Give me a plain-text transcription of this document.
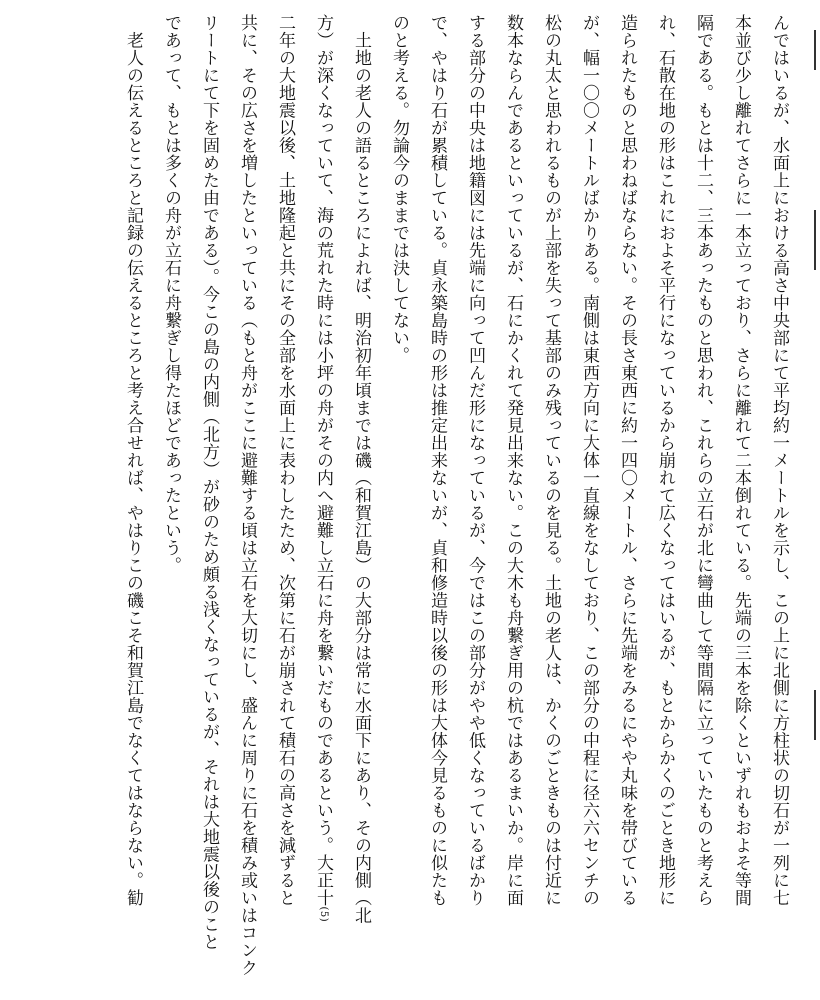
んではいるが、水面上における高さ中央部にて平均約一メートルを示し、この上に北側に方柱状の切石が一列に七
本並び少し離れてさらに一本立っており、さらに離れて二本倒れている。先端の三本を除くといずれもおよそ等間
隔である。もとは十二、三本あったものと思われ、これらの立石が北に彎曲して等間隔に立っていたものと考えら
れ、石散在地の形はこれにおよそ平行になっているから崩れて広くなってはいるが、もとからかくのごとき地形に
造られたものと思わねばならない。その長さ東西に約一四〇メートル、さらに先端をみるにやや丸味を帯びている
が、幅一〇〇メートルばかりある。南側は東西方向に大体一直線をなしており、この部分の中程に径六六センチの
松の丸太と思われるものが上部を失って基部のみ残っているのを見る。土地の老人は、かくのごときものは付近に
数本ならんであるといっているが、石にかくれて発見出来ない。この大木も舟繋ぎ用の杭ではあるまいか。岸に面
する部分の中央は地籍図には先端に向って凹んだ形になっているが、今ではこの部分がやや低くなっているばかり
で、やはり石が累積している。貞永築島時の形は推定出来ないが、貞和修造時以後の形は大体今見るものに似たも
のと考える。勿論今のままでは決してない。
　土地の老人の語るところによれば、明治初年頃までは磯（和賀江島）の大部分は常に水面下にあり、その内側（北
方）が深くなっていて、海の荒れた時には小坪の舟がその内へ避難し立石に舟を繋いだものであるという。大正十(5)
二年の大地震以後、土地隆起と共にその全部を水面上に表わしたため、次第に石が崩されて積石の高さを減ずると
共に、その広さを増したといっている（もと舟がここに避難する頃は立石を大切にし、盛んに周りに石を積み或いはコンク
リートにて下を固めた由である）。今この島の内側（北方）が砂のため頗る浅くなっているが、それは大地震以後のこと
であって、もとは多くの舟が立石に舟繋ぎし得たほどであったという。
　老人の伝えるところと記録の伝えるところと考え合せれば、やはりこの磯こそ和賀江島でなくてはならない。勧
